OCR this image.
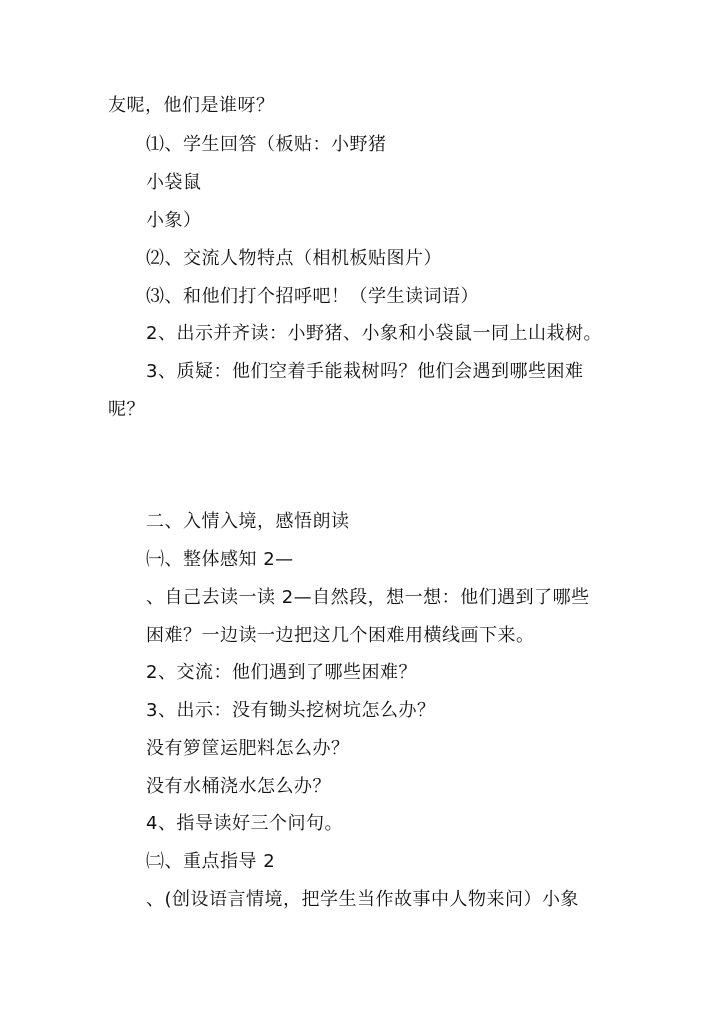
友呢，他们是谁呀？
⑴、学生回答（板贴：小野猪
小袋鼠
小象）
⑵、交流人物特点（相机板贴图片）
⑶、和他们打个招呼吧！（学生读词语）
2、出示并齐读：小野猪、小象和小袋鼠一同上山栽树。
3、质疑：他们空着手能栽树吗？他们会遇到哪些困难
呢？
二、入情入境，感悟朗读
㈠、整体感知 2—
、自己去读一读 2—自然段，想一想：他们遇到了哪些
困难？一边读一边把这几个困难用横线画下来。
2、交流：他们遇到了哪些困难？
3、出示：没有锄头挖树坑怎么办？
没有箩筐运肥料怎么办？
没有水桶浇水怎么办？
4、指导读好三个问句。
㈡、重点指导 2
、(创设语言情境，把学生当作故事中人物来问）小象
